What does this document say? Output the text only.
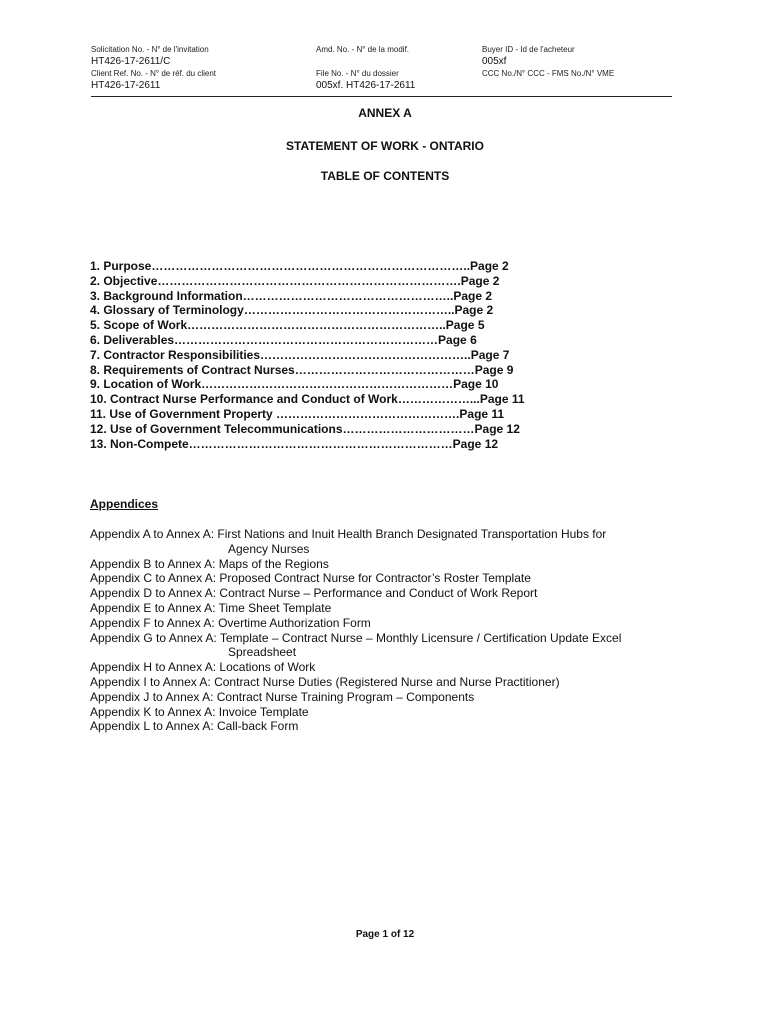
Solicitation No. - N° de l'invitation
HT426-17-2611/C
Client Ref. No. - N° de réf. du client
HT426-17-2611
Amd. No. - N° de la modif.
File No. - N° du dossier
005xf. HT426-17-2611
Buyer ID - Id de l'acheteur
005xf
CCC No./N° CCC - FMS No./N° VME
ANNEX A
STATEMENT OF WORK - ONTARIO
TABLE OF CONTENTS
1. Purpose……………………………………………………………………..Page 2
2. Objective………………………………………………………………….Page 2
3. Background Information……………………………………………..Page 2
4. Glossary of Terminology……………………………………………..Page 2
5. Scope of Work………………………………………………………..Page 5
6. Deliverables…………………………………………………………Page 6
7. Contractor Responsibilities……………………………………………..Page 7
8. Requirements of Contract Nurses………………………………………Page 9
9. Location of Work………………………………………………………Page 10
10. Contract Nurse Performance and Conduct of Work………………...Page 11
11. Use of Government Property ……………………………………….Page 11
12. Use of Government Telecommunications……………………………Page 12
13. Non-Compete…………………………………………………………Page 12
Appendices
Appendix A to Annex A: First Nations and Inuit Health Branch Designated Transportation Hubs for
Agency Nurses
Appendix B to Annex A: Maps of the Regions
Appendix C to Annex A: Proposed Contract Nurse for Contractor’s Roster Template
Appendix D to Annex A: Contract Nurse – Performance and Conduct of Work Report
Appendix E to Annex A: Time Sheet Template
Appendix F to Annex A: Overtime Authorization Form
Appendix G to Annex A: Template – Contract Nurse – Monthly Licensure / Certification Update Excel
Spreadsheet
Appendix H to Annex A: Locations of Work
Appendix I to Annex A: Contract Nurse Duties (Registered Nurse and Nurse Practitioner)
Appendix J to Annex A: Contract Nurse Training Program – Components
Appendix K to Annex A: Invoice Template
Appendix L to Annex A: Call-back Form
Page 1 of 12
